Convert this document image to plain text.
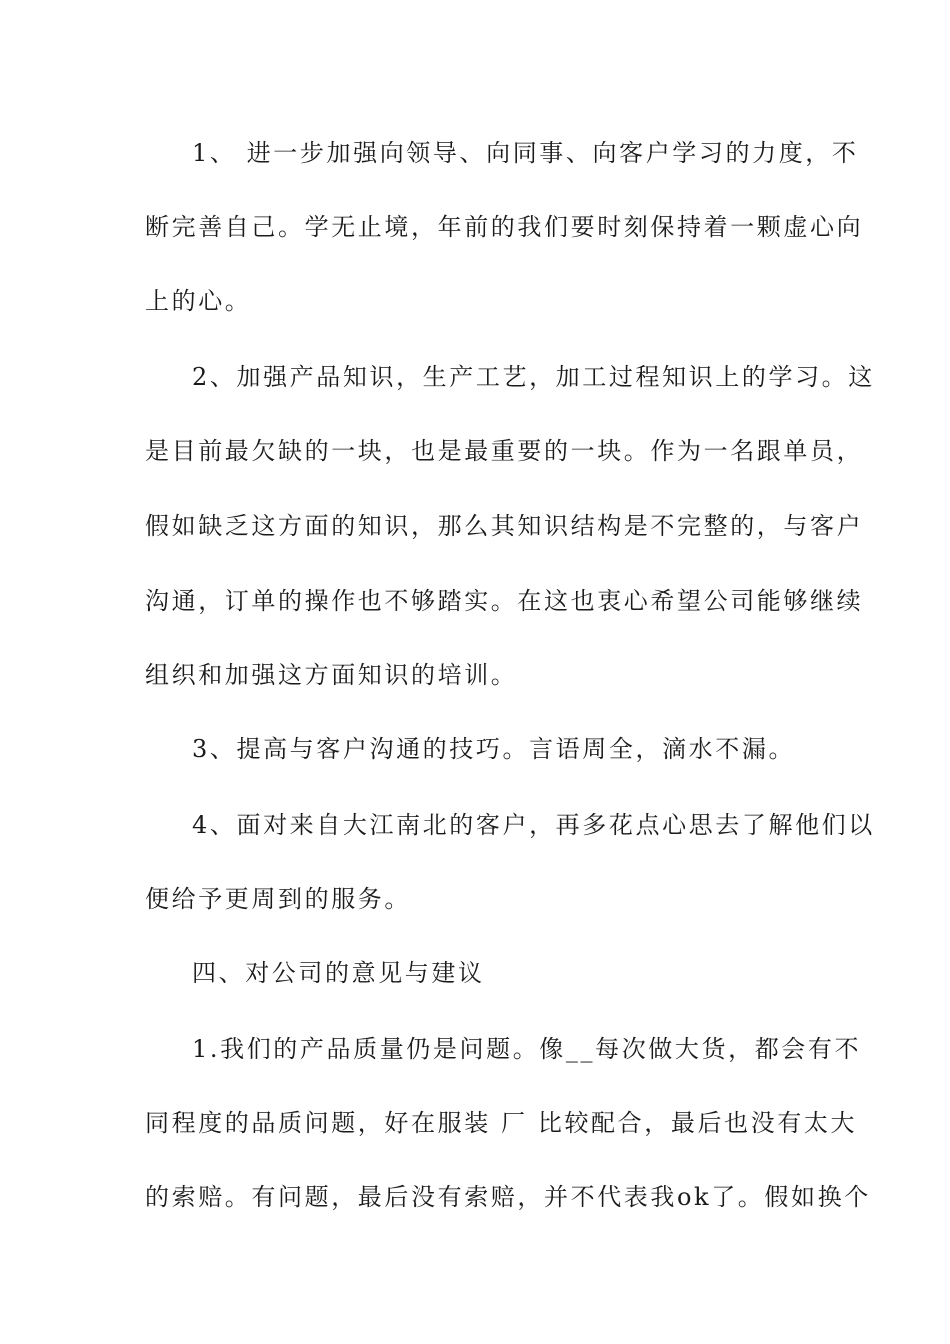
1、 进一步加强向领导、向同事、向客户学习的力度，不
断完善自己。学无止境，年前的我们要时刻保持着一颗虚心向
上的心。
2、加强产品知识，生产工艺，加工过程知识上的学习。这
是目前最欠缺的一块，也是最重要的一块。作为一名跟单员，
假如缺乏这方面的知识，那么其知识结构是不完整的，与客户
沟通，订单的操作也不够踏实。在这也衷心希望公司能够继续
组织和加强这方面知识的培训。
3、提高与客户沟通的技巧。言语周全，滴水不漏。
4、面对来自大江南北的客户，再多花点心思去了解他们以
便给予更周到的服务。
四、对公司的意见与建议
1.我们的产品质量仍是问题。像__每次做大货，都会有不
同程度的品质问题，好在服装 厂 比较配合，最后也没有太大
的索赔。有问题，最后没有索赔，并不代表我ok了。假如换个
